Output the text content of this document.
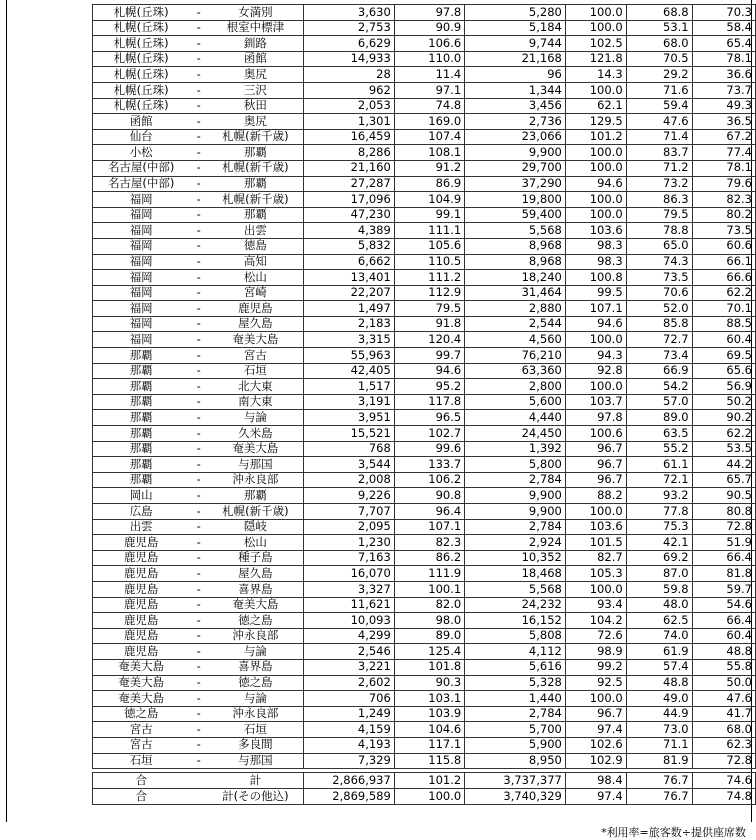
札幌(丘珠)	-	女満別	3,630	97.8	5,280	100.0	68.8	70.3
札幌(丘珠)	-	根室中標津	2,753	90.9	5,184	100.0	53.1	58.4
札幌(丘珠)	-	釧路	6,629	106.6	9,744	102.5	68.0	65.4
札幌(丘珠)	-	函館	14,933	110.0	21,168	121.8	70.5	78.1
札幌(丘珠)	-	奥尻	28	11.4	96	14.3	29.2	36.6
札幌(丘珠)	-	三沢	962	97.1	1,344	100.0	71.6	73.7
札幌(丘珠)	-	秋田	2,053	74.8	3,456	62.1	59.4	49.3
函館	-	奥尻	1,301	169.0	2,736	129.5	47.6	36.5
仙台	-	札幌(新千歳)	16,459	107.4	23,066	101.2	71.4	67.2
小松	-	那覇	8,286	108.1	9,900	100.0	83.7	77.4
名古屋(中部)	-	札幌(新千歳)	21,160	91.2	29,700	100.0	71.2	78.1
名古屋(中部)	-	那覇	27,287	86.9	37,290	94.6	73.2	79.6
福岡	-	札幌(新千歳)	17,096	104.9	19,800	100.0	86.3	82.3
福岡	-	那覇	47,230	99.1	59,400	100.0	79.5	80.2
福岡	-	出雲	4,389	111.1	5,568	103.6	78.8	73.5
福岡	-	徳島	5,832	105.6	8,968	98.3	65.0	60.6
福岡	-	高知	6,662	110.5	8,968	98.3	74.3	66.1
福岡	-	松山	13,401	111.2	18,240	100.8	73.5	66.6
福岡	-	宮崎	22,207	112.9	31,464	99.5	70.6	62.2
福岡	-	鹿児島	1,497	79.5	2,880	107.1	52.0	70.1
福岡	-	屋久島	2,183	91.8	2,544	94.6	85.8	88.5
福岡	-	奄美大島	3,315	120.4	4,560	100.0	72.7	60.4
那覇	-	宮古	55,963	99.7	76,210	94.3	73.4	69.5
那覇	-	石垣	42,405	94.6	63,360	92.8	66.9	65.6
那覇	-	北大東	1,517	95.2	2,800	100.0	54.2	56.9
那覇	-	南大東	3,191	117.8	5,600	103.7	57.0	50.2
那覇	-	与論	3,951	96.5	4,440	97.8	89.0	90.2
那覇	-	久米島	15,521	102.7	24,450	100.6	63.5	62.2
那覇	-	奄美大島	768	99.6	1,392	96.7	55.2	53.5
那覇	-	与那国	3,544	133.7	5,800	96.7	61.1	44.2
那覇	-	沖永良部	2,008	106.2	2,784	96.7	72.1	65.7
岡山	-	那覇	9,226	90.8	9,900	88.2	93.2	90.5
広島	-	札幌(新千歳)	7,707	96.4	9,900	100.0	77.8	80.8
出雲	-	隠岐	2,095	107.1	2,784	103.6	75.3	72.8
鹿児島	-	松山	1,230	82.3	2,924	101.5	42.1	51.9
鹿児島	-	種子島	7,163	86.2	10,352	82.7	69.2	66.4
鹿児島	-	屋久島	16,070	111.9	18,468	105.3	87.0	81.8
鹿児島	-	喜界島	3,327	100.1	5,568	100.0	59.8	59.7
鹿児島	-	奄美大島	11,621	82.0	24,232	93.4	48.0	54.6
鹿児島	-	徳之島	10,093	98.0	16,152	104.2	62.5	66.4
鹿児島	-	沖永良部	4,299	89.0	5,808	72.6	74.0	60.4
鹿児島	-	与論	2,546	125.4	4,112	98.9	61.9	48.8
奄美大島	-	喜界島	3,221	101.8	5,616	99.2	57.4	55.8
奄美大島	-	徳之島	2,602	90.3	5,328	92.5	48.8	50.0
奄美大島	-	与論	706	103.1	1,440	100.0	49.0	47.6
徳之島	-	沖永良部	1,249	103.9	2,784	96.7	44.9	41.7
宮古	-	石垣	4,159	104.6	5,700	97.4	73.0	68.0
宮古	-	多良間	4,193	117.1	5,900	102.6	71.1	62.3
石垣	-	与那国	7,329	115.8	8,950	102.9	81.9	72.8

合		計	2,866,937	101.2	3,737,377	98.4	76.7	74.6
合		計(その他込)	2,869,589	100.0	3,740,329	97.4	76.7	74.8
*利用率=旅客数÷提供座席数
